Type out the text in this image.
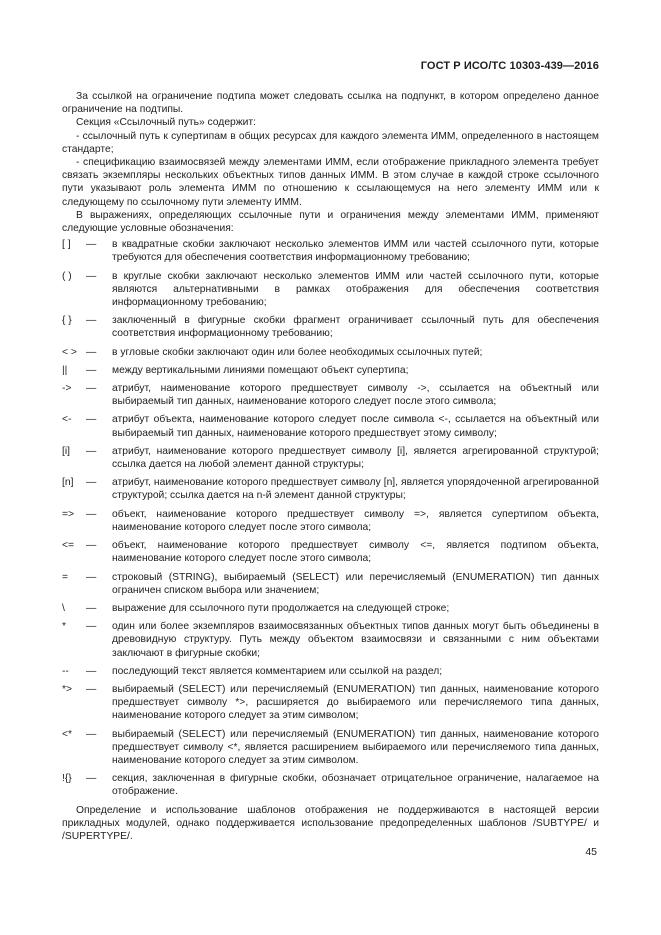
ГОСТ Р ИСО/ТС 10303-439—2016

За ссылкой на ограничение подтипа может следовать ссылка на подпункт, в котором определено данное ограничение на подтипы.

Секция «Ссылочный путь» содержит:

- ссылочный путь к супертипам в общих ресурсах для каждого элемента ИММ, определенного в настоящем стандарте;

- спецификацию взаимосвязей между элементами ИММ, если отображение прикладного элемента требует связать экземпляры нескольких объектных типов данных ИММ. В этом случае в каждой строке ссылочного пути указывают роль элемента ИММ по отношению к ссылающемуся на него элементу ИММ или к следующему по ссылочному пути элементу ИММ.

В выражениях, определяющих ссылочные пути и ограничения между элементами ИММ, применяют следующие условные обозначения:

[ ]	—	в квадратные скобки заключают несколько элементов ИММ или частей ссылочного пути, которые требуются для обеспечения соответствия информационному требованию;
( )	—	в круглые скобки заключают несколько элементов ИММ или частей ссылочного пути, которые являются альтернативными в рамках отображения для обеспечения соответствия информационному требованию;
{ }	—	заключенный в фигурные скобки фрагмент ограничивает ссылочный путь для обеспечения соответствия информационному требованию;
< > —	в угловые скобки заключают один или более необходимых ссылочных путей;
||	—	между вертикальными линиями помещают объект супертипа;
->	—	атрибут, наименование которого предшествует символу ->, ссылается на объектный или выбираемый тип данных, наименование которого следует после этого символа;
<-	—	атрибут объекта, наименование которого следует после символа <-, ссылается на объектный или выбираемый тип данных, наименование которого предшествует этому символу;
[i]	—	атрибут, наименование которого предшествует символу [i], является агрегированной структурой; ссылка дается на любой элемент данной структуры;
[n]	—	атрибут, наименование которого предшествует символу [n], является упорядоченной агрегированной структурой; ссылка дается на n-й элемент данной структуры;
=>	—	объект, наименование которого предшествует символу =>, является супертипом объекта, наименование которого следует после этого символа;
<=	—	объект, наименование которого предшествует символу <=, является подтипом объекта, наименование которого следует после этого символа;
=	—	строковый (STRING), выбираемый (SELECT) или перечисляемый (ENUMERATION) тип данных ограничен списком выбора или значением;
\	—	выражение для ссылочного пути продолжается на следующей строке;
*	—	один или более экземпляров взаимосвязанных объектных типов данных могут быть объединены в древовидную структуру. Путь между объектом взаимосвязи и связанными с ним объектами заключают в фигурные скобки;
--	—	последующий текст является комментарием или ссылкой на раздел;
*>	—	выбираемый (SELECT) или перечисляемый (ENUMERATION) тип данных, наименование которого предшествует символу *>, расширяется до выбираемого или перечисляемого типа данных, наименование которого следует за этим символом;
<*	—	выбираемый (SELECT) или перечисляемый (ENUMERATION) тип данных, наименование которого предшествует символу <*, является расширением выбираемого или перечисляемого типа данных, наименование которого следует за этим символом.
!{}	—	секция, заключенная в фигурные скобки, обозначает отрицательное ограничение, налагаемое на отображение.

Определение и использование шаблонов отображения не поддерживаются в настоящей версии прикладных модулей, однако поддерживается использование предопределенных шаблонов /SUBTYPE/ и /SUPERTYPE/.

45
